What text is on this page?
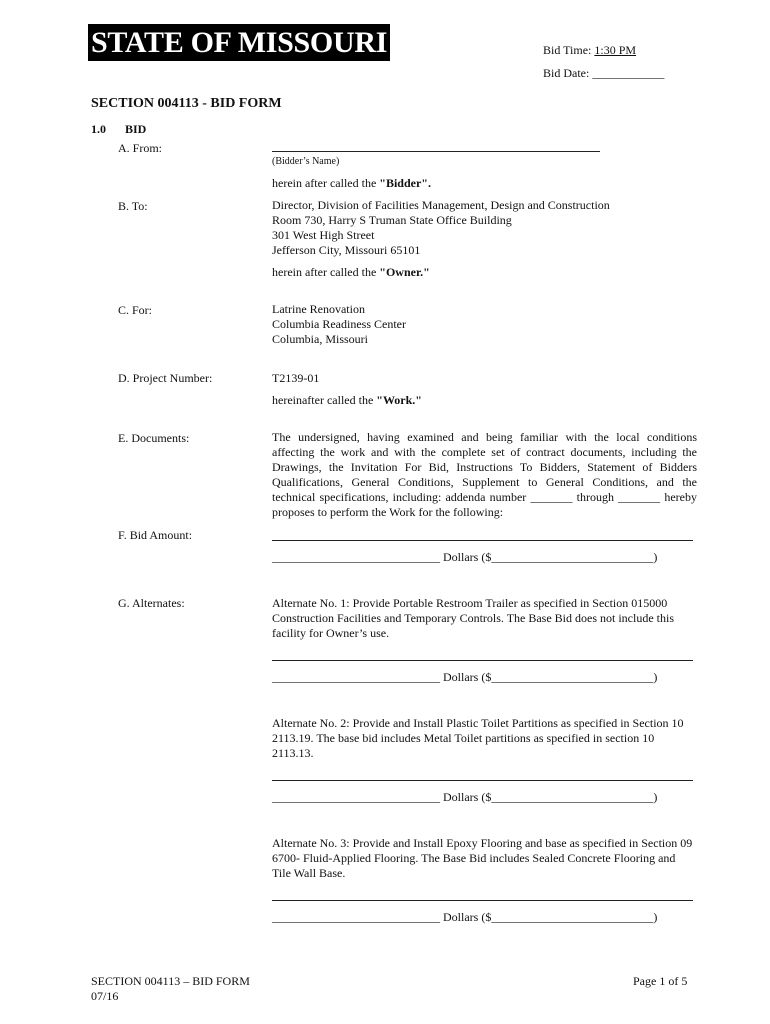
STATE OF MISSOURI	Bid Time: 1:30 PM
Bid Date: ____________
SECTION 004113 - BID FORM
1.0 BID
A. From:
(Bidder’s Name)
herein after called the "Bidder".
B. To:	Director, Division of Facilities Management, Design and Construction
Room 730, Harry S Truman State Office Building
301 West High Street
Jefferson City, Missouri 65101
herein after called the "Owner."
C. For:	Latrine Renovation
Columbia Readiness Center
Columbia, Missouri
D. Project Number:	T2139-01
hereinafter called the "Work."
E. Documents:	The undersigned, having examined and being familiar with the local conditions affecting the work and with the complete set of contract documents, including the Drawings, the Invitation For Bid, Instructions To Bidders, Statement of Bidders Qualifications, General Conditions, Supplement to General Conditions, and the technical specifications, including: addenda number _______ through _______ hereby proposes to perform the Work for the following:
F. Bid Amount:
____________________________ Dollars ($___________________________)
G. Alternates:	Alternate No. 1: Provide Portable Restroom Trailer as specified in Section 015000 Construction Facilities and Temporary Controls. The Base Bid does not include this facility for Owner’s use.
____________________________ Dollars ($___________________________)
Alternate No. 2: Provide and Install Plastic Toilet Partitions as specified in Section 10 2113.19. The base bid includes Metal Toilet partitions as specified in section 10 2113.13.
____________________________ Dollars ($___________________________)
Alternate No. 3: Provide and Install Epoxy Flooring and base as specified in Section 09 6700- Fluid-Applied Flooring. The Base Bid includes Sealed Concrete Flooring and Tile Wall Base.
____________________________ Dollars ($___________________________)
SECTION 004113 – BID FORM
07/16
Page 1 of 5
